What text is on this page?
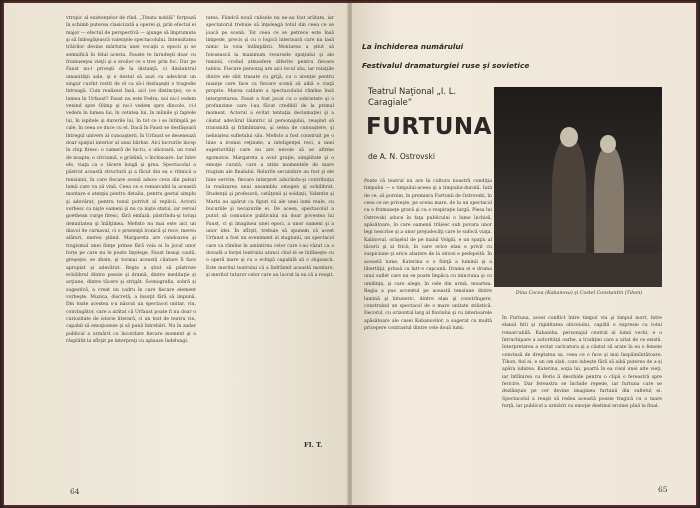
vtropic al existenţelor de rînd. „Tinuta nobilă” forţează în schimb puterea clasicizată a operei şi, prin efectul ei major — efectul de perspectivă — ajunge să împrumute şi să îmbogăţească valenţele spectacolului. Intensitatea trăirilor devine mărturia unei vocaţii a epocii şi se semnifică în felul acesta. Fauste te înrudeşti doar cu frumuseţea vieţii şi a eroilor ce o trec prin foc. Dar pe Faust nu-l priveşti de la distanţă, ci dinăuntrul umanităţii sale, şi e destul să auzi cu adevărat un singur cuvînt rostit de el ca să-i desluşeşti o tragedie întreagă. Cum realizezi însă, aici (ce distincţie), ce e lumea în Urfaust? Faust nu este Fedra; noi nu-l vedem venind spre Olimp şi nu-l vedem spre dincolo, ci-l vedem în lumea lui, în cetatea lui, în mîinile şi faptele lui, în ispitele şi durerile lui, în tot ce i se întîmplă pe cale, în ceea ce duce cu el. Dacă în Faust se desfăşoară întregul univers al cunoaşterii, în Urfaust se desenează doar spaţiul interior al unui bărbat. Aici lucrurile încep în chip firesc: o cameră de lucru, o ulicioară, un rond de noapte, o cîrciumă, o grădină, o închisoare. Iar între ele, viaţa ca o tăcere lungă şi grea. Spectacolul a păstrat această structură şi a făcut din ea o ritmică a tensiunii, în care fiecare scenă aduce ceva din pulsul lumii care va să vină. Ceea ce e remarcabil la această montare e atenţia pentru detaliu, pentru gestul simplu şi adevărat, pentru tonul potrivit al replicii. Actorii vorbesc ca nişte oameni şi nu ca nişte statui, iar versul goethean curge firesc, fără emfază, păstrîndu-şi totuşi demnitatea şi înălţimea. Mefisto nu mai este aici un diavol de carnaval, ci o prezenţă ironică şi rece, mereu alături, mereu ştiind. Margareta are candoarea şi tragismul unei fiinţe prinse fără voia ei în jocul unor forţe pe care nu le poate înţelege. Faust însuşi caută, greşeşte, se zbate, şi tocmai această căutare îl face apropiat şi adevărat. Regia a ştiut să păstreze echilibrul dintre poezie şi dramă, dintre meditaţie şi acţiune, dintre tăcere şi strigăt. Scenografia, sobră şi sugestivă, a creat un cadru în care fiecare element vorbeşte. Muzica, discretă, a însoţit fără să impună. Din toate acestea s-a născut un spectacol unitar, viu, convingător, care a arătat că Urfaust poate fi nu doar o curiozitate de istorie literară, ci un text de teatru viu, capabil să emoţioneze şi să pună întrebări. Nu în zadar publicul a urmărit cu încordare fiecare moment şi a răsplătit la sfîrşit pe interpreţi cu aplauze îndelungi.
tatea. Fiindcă nouă culisele nu ne-au fost arătate, iar spectatorul trebuie să înţeleagă totul din ceea ce se joacă pe scenă. Tot ceea ce se petrece este însă limpede, precis şi cu o logică interioară care nu lasă nimic la voia întîmplării. Montarea a ştiut să folosească la maximum resursele spaţiului şi ale luminii, creînd atmosfere diferite pentru fiecare tablou. Fiecare personaj are aici locul său, iar relaţiile dintre ele sînt trasate cu grijă, cu o atenţie pentru nuanţe care face ca fiecare scenă să aibă o viaţă proprie. Marea calitate a spectacolului rămîne însă interpretarea. Faust a fost jucat cu o sobrietate şi o profunzime care l-au făcut credibil de la primul moment. Actorul a evitat tentaţia declamaţiei şi a căutat adevărul lăuntric al personajului, reuşind să transmită şi frămîntarea, şi setea de cunoaştere, şi neliniştea sufletului său. Mefisto a fost construit pe o linie a ironiei reţinute, a inteligenţei reci, a unei superiorităţi care nu are nevoie să se afirme zgomotos. Margareta a avut graţie, simplitate şi o emoţie curată, care a atins momentele de mare tragism ale finalului. Rolurile secundare au fost şi ele bine servite, fiecare interpret aducîndu-şi contribuţia la realizarea unui ansamblu omogen şi echilibrat. Studenţii şi profesorii, cetăţenii şi soldaţii, Valentin şi Marta au apărut ca figuri vii ale unei lumi reale, cu bucuriile şi necazurile ei. De aceea, spectacolul a putut să comunice publicului nu doar povestea lui Faust, ci şi imaginea unei epoci, a unor oameni şi a unor idei. În sfîrşit, trebuie să spunem că acest Urfaust a fost un eveniment al stagiunii, un spectacol care va rămîne în amintirea celor care l-au văzut ca o dovadă a forţei teatrului atunci cînd el se întîlneşte cu o operă mare şi cu o echipă capabilă să o slujească. Este meritul teatrului că a îndrăznit această montare, şi meritul tuturor celor care au lucrat la ea că a reuşit.
FI. T.
64
La închiderea numărului
Festivalul dramaturgiei ruse şi sovietice
Teatrul Naţional „I. L. Caragiale”
FURTUNA
de A. N. Ostrovski
Dina Cocea (Kabanova) şi Costel Constantin (Tihon)
Poate că teatrul nu are în cultura noastră condiţia timpului — o timpului-aceea şi a timpului-durată. Iată de ce, să pornim, în premiera Furtunii de Ostrovski, în ceea ce ne priveşte, pe scena mare, de la un spectacol cu o frumuseţe gravă şi cu o respiraţie largă. Piesa lui Ostrovski aduce în faţa publicului o lume închisă, apăsătoare, în care oamenii trăiesc sub povara unor legi nescrise şi a unor prejudecăţi care le sufocă viaţa. Kalinovul, orăşelul de pe malul Volgăi, e un spaţiu al tăcerii şi al fricii, în care orice elan e privit cu suspiciune şi orice abatere de la obicei e pedepsită. În această lume, Katerina e o fiinţă a luminii şi a libertăţii, prinsă ca într-o capcană. Drama ei e drama unui suflet care nu se poate împăca cu minciuna şi cu umilinţa, şi care alege, în cele din urmă, moartea. Regia a pus accentul pe această tensiune dintre lumină şi întuneric, dintre elan şi constrîngere, construind un spectacol de o mare unitate stilistică. Decorul, cu orizontul larg al fluviului şi cu interioarele apăsătoare ale casei Kabanovilor, a sugerat cu multă pricepere contrastul dintre cele două lumi.
În Furtuna, acest conflict între timpul viu şi timpul mort, între elanul firii şi rigiditatea obiceiului, capătă o expresie cu totul remarcabilă. Kabaniha, personajul central al lumii vechi, e o întruchipare a autorităţii oarbe, a tradiţiei care a uitat de ce există. Interpretarea a evitat caricatura şi a căutat să arate în ea o femeie convinsă de dreptatea sa, ceea ce o face şi mai înspăimîntătoare. Tihon, fiul ei, e un om slab, care iubeşte fără să aibă puterea de a-şi apăra iubirea. Katerina, soţia lui, poartă în ea visul unei alte vieţi, iar întîlnirea cu Boris îi deschide pentru o clipă o fereastră spre fericire. Dar fereastra se închide repede, iar furtuna care se dezlănţuie pe cer devine imaginea furtunii din sufletul ei. Spectacolul a reuşit să redea această poezie tragică cu o mare forţă, iar publicul a urmărit cu emoţie destinul eroinei pînă la final.
65
